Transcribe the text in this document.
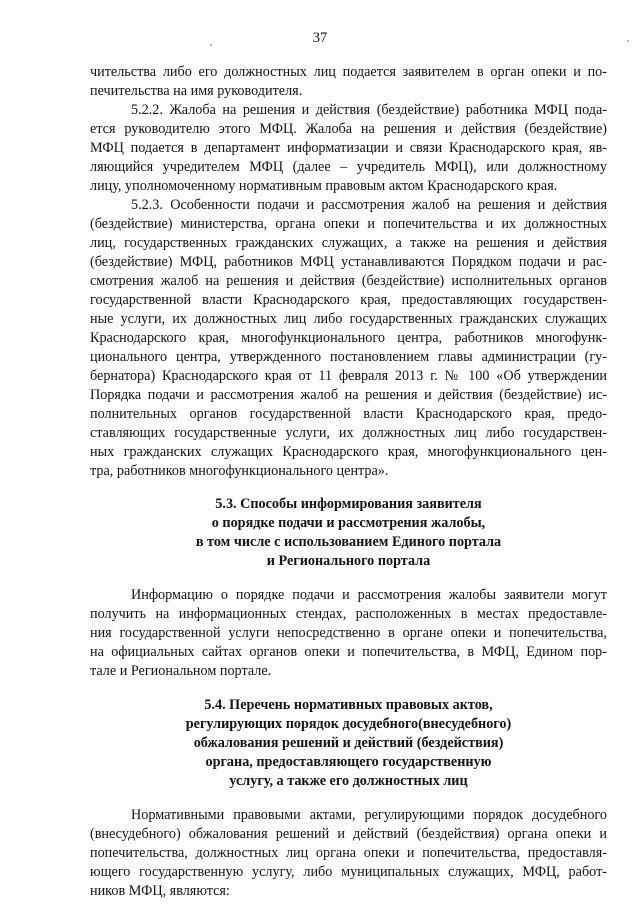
37
чительства либо его должностных лиц подается заявителем в орган опеки и по-
печительства на имя руководителя.
5.2.2. Жалоба на решения и действия (бездействие) работника МФЦ пода-
ется руководителю этого МФЦ. Жалоба на решения и действия (бездействие)
МФЦ подается в департамент информатизации и связи Краснодарского края, яв-
ляющийся учредителем МФЦ (далее – учредитель МФЦ), или должностному
лицу, уполномоченному нормативным правовым актом Краснодарского края.
5.2.3. Особенности подачи и рассмотрения жалоб на решения и действия
(бездействие) министерства, органа опеки и попечительства и их должностных
лиц, государственных гражданских служащих, а также на решения и действия
(бездействие) МФЦ, работников МФЦ устанавливаются Порядком подачи и рас-
смотрения жалоб на решения и действия (бездействие) исполнительных органов
государственной власти Краснодарского края, предоставляющих государствен-
ные услуги, их должностных лиц либо государственных гражданских служащих
Краснодарского края, многофункционального центра, работников многофунк-
ционального центра, утвержденного постановлением главы администрации (гу-
бернатора) Краснодарского края от 11 февраля 2013 г. № 100 «Об утверждении
Порядка подачи и рассмотрения жалоб на решения и действия (бездействие) ис-
полнительных органов государственной власти Краснодарского края, предо-
ставляющих государственные услуги, их должностных лиц либо государствен-
ных гражданских служащих Краснодарского края, многофункционального цен-
тра, работников многофункционального центра».
5.3. Способы информирования заявителя
о порядке подачи и рассмотрения жалобы,
в том числе с использованием Единого портала
и Регионального портала
Информацию о порядке подачи и рассмотрения жалобы заявители могут
получить на информационных стендах, расположенных в местах предоставле-
ния государственной услуги непосредственно в органе опеки и попечительства,
на официальных сайтах органов опеки и попечительства, в МФЦ, Едином пор-
тале и Региональном портале.
5.4. Перечень нормативных правовых актов,
регулирующих порядок досудебного(внесудебного)
обжалования решений и действий (бездействия)
органа, предоставляющего государственную
услугу, а также его должностных лиц
Нормативными правовыми актами, регулирующими порядок досудебного
(внесудебного) обжалования решений и действий (бездействия) органа опеки и
попечительства, должностных лиц органа опеки и попечительства, предоставля-
ющего государственную услугу, либо муниципальных служащих, МФЦ, работ-
ников МФЦ, являются:
